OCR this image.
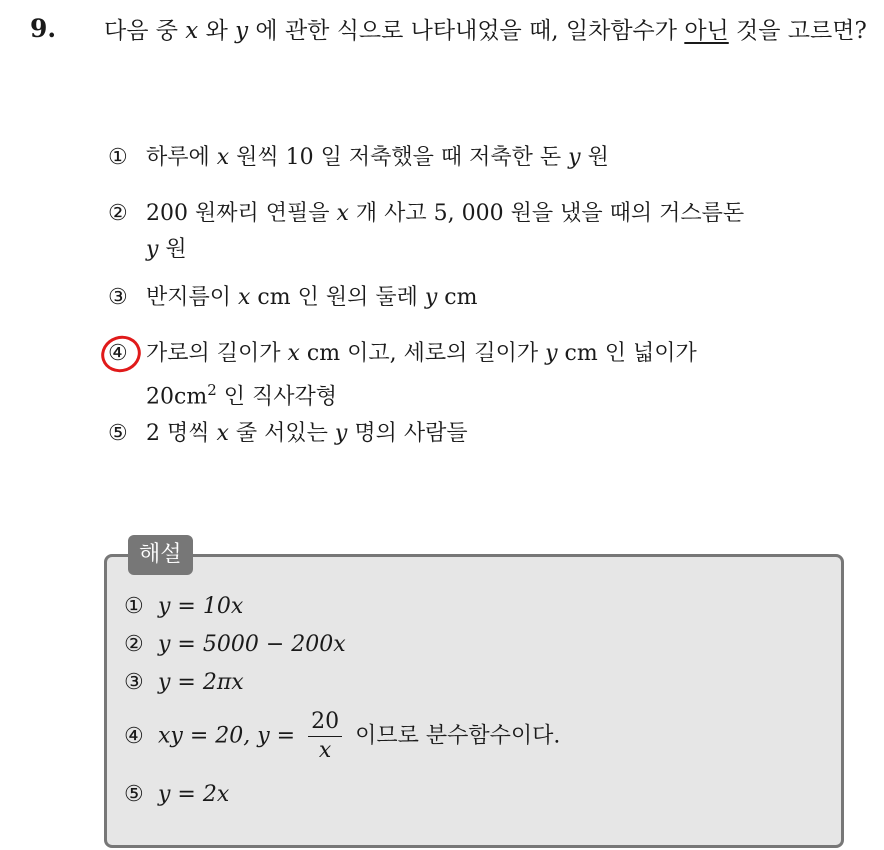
9. 다음 중 x 와 y 에 관한 식으로 나타내었을 때, 일차함수가 아닌 것을 고르면?
① 하루에 x 원씩 10 일 저축했을 때 저축한 돈 y 원
② 200 원짜리 연필을 x 개 사고 5, 000 원을 냈을 때의 거스름돈
y 원
③ 반지름이 x cm 인 원의 둘레 y cm
④ 가로의 길이가 x cm 이고, 세로의 길이가 y cm 인 넓이가
$20cm^2$ 인 직사각형
⑤ 2 명씩 x 줄 서있는 y 명의 사람들
해설
① y = 10x
② y = 5000 − 200x
③ y = 2πx
④ xy = 20, $y = \frac{20}{x}$ 이므로 분수함수이다.
⑤ y = 2x
